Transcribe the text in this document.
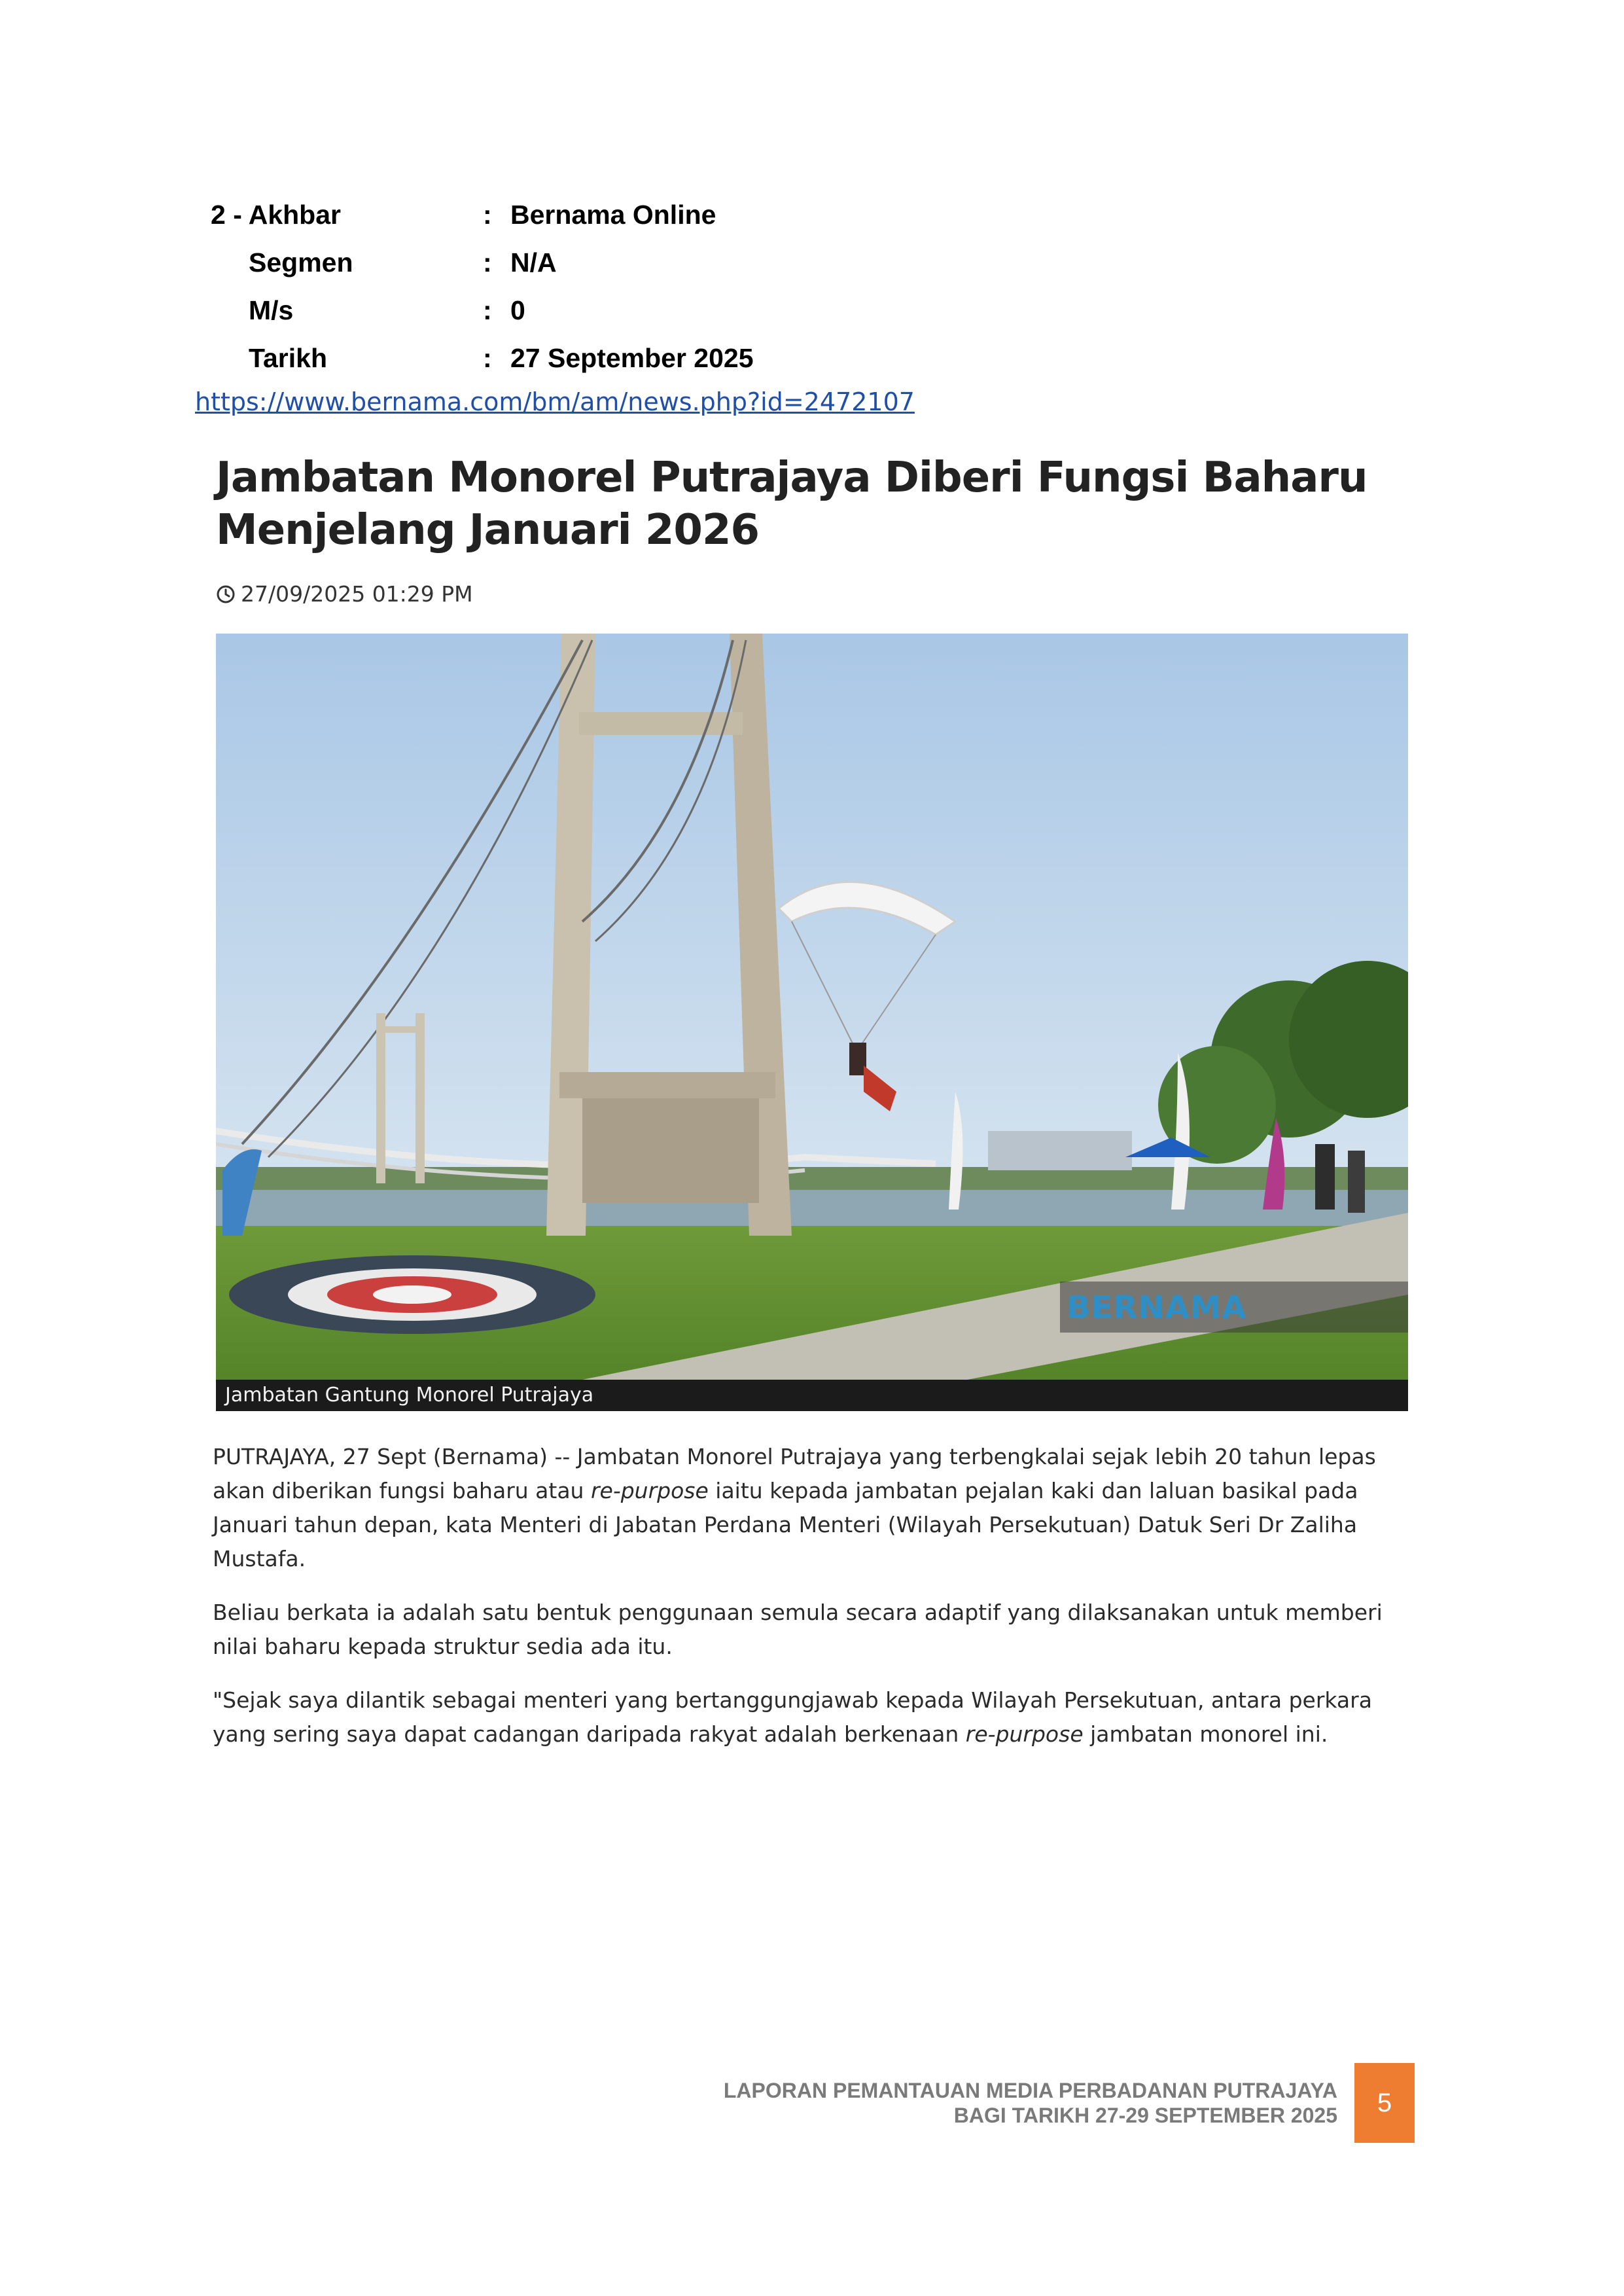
2 - Akhbar	: Bernama Online
Segmen	: N/A
M/s	: 0
Tarikh	: 27 September 2025
https://www.bernama.com/bm/am/news.php?id=2472107
Jambatan Monorel Putrajaya Diberi Fungsi Baharu Menjelang Januari 2026
27/09/2025 01:29 PM
BERNAMA
Jambatan Gantung Monorel Putrajaya

PUTRAJAYA, 27 Sept (Bernama) -- Jambatan Monorel Putrajaya yang terbengkalai sejak lebih 20 tahun lepas akan diberikan fungsi baharu atau re-purpose iaitu kepada jambatan pejalan kaki dan laluan basikal pada Januari tahun depan, kata Menteri di Jabatan Perdana Menteri (Wilayah Persekutuan) Datuk Seri Dr Zaliha Mustafa.

Beliau berkata ia adalah satu bentuk penggunaan semula secara adaptif yang dilaksanakan untuk memberi nilai baharu kepada struktur sedia ada itu.

"Sejak saya dilantik sebagai menteri yang bertanggungjawab kepada Wilayah Persekutuan, antara perkara yang sering saya dapat cadangan daripada rakyat adalah berkenaan re-purpose jambatan monorel ini.

LAPORAN PEMANTAUAN MEDIA PERBADANAN PUTRAJAYA
BAGI TARIKH 27-29 SEPTEMBER 2025 5
